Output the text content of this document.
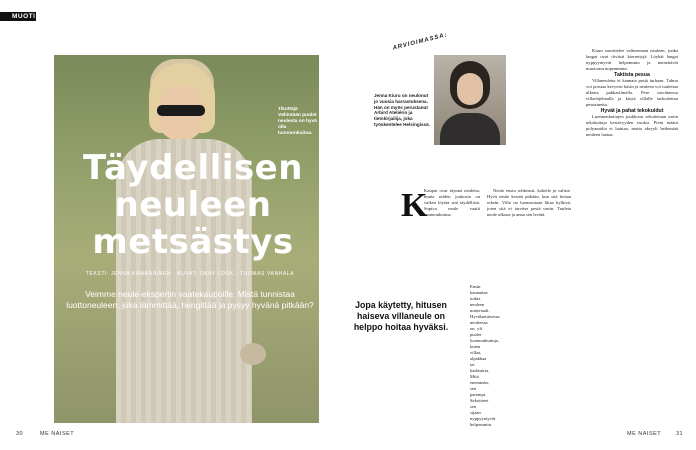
MUOTI
Tikuttäjä Vähintään puolet neulesta on hyvä olla luonnonkuitua.
Täydellisen neuleen metsästys
TEKSTI: JENNA KÄMÄRÄINEN · KUVAT: OKAY LOOK · TUOMAS VANHALA
Veimme neule-ekspertin vaatekaupoille. Mistä tunnistaa luottoneuleen, joka lämmittää, hengittää ja pysyy hyvänä pitkään?
ARVIOIMASSA:
Jenna Kiuru on neulonut jo vuosia harrastuksena. Hän on myös perustanut Arbird Ateliérin ja tietokirjailija, joka työskentelee Helsingissä.
K

Kaupat ovat täynnä neuleita, mutta niiden joukosta on vaikea löytää sitä täydellistä. Sopiva neule vaatii luonnonkuitua.

Ensin kannattaa tutkia neuleen materiaali. Hyvälaatuisessa neuleessa on yli puolet luonnonkuituja, kuten villaa, alpakkaa tai kashmiria. Mitä enemmän, sen parempi. Sekoitteet sen sijaan nyppyyntyvät helpommin.

Jopa käytetty, hitusen haiseva villaneule on helppo hoitaa hyväksi.

Neulo ensin rohkeasti, kokeile ja valitse. Hyvä neule kestää pitkään, kun sitä hoitaa oikein. Villa on luonnostaan likaa hylkivä, joten sitä ei tarvitse pestä usein. Tuuleta neule ulkona ja anna sen levätä.

Kiuru suosittelee valitsemaan neuleen, jonka langat ovat tiiviisti kierrettyjä. Löyhät langat nyppyyntyvät helpommin ja menettävät muotonsa nopeammin.

Taktista pesua

Villaneuletta ei kannata pestä turhaan. Tahrat voi poistaa kevyesti käsin ja neuleen voi tuulettaa ulkona pakkasilmalla. Pese tarvittaessa villaohjelmalla ja käytä villalle tarkoitettua pesuainetta.

Hyvät ja pahat tekokuidut

Luonnonkuitujen joukkoon sekoitetaan usein tekokuituja kestävyyden vuoksi. Pieni määrä polyamidia ei haittaa, mutta akryyli heikentää neuleen laatua.

30	ME NAISET	ME NAISET	31
